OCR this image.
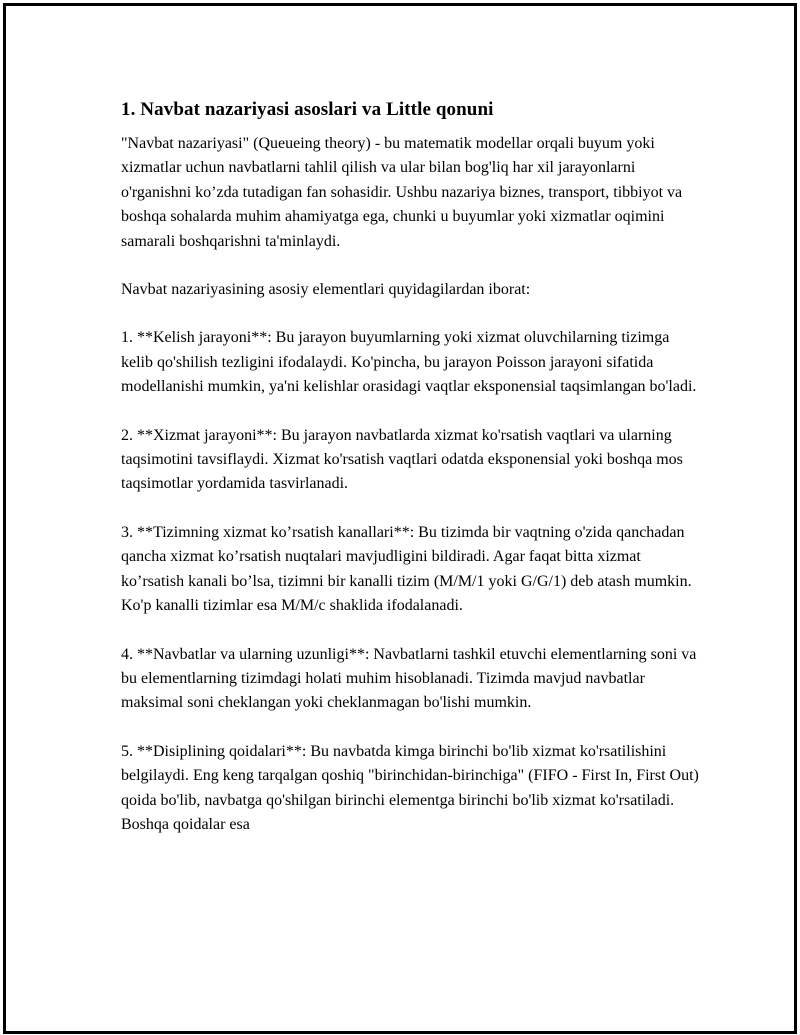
1. Navbat nazariyasi asoslari va Little qonuni

"Navbat nazariyasi" (Queueing theory) - bu matematik modellar orqali buyum yoki xizmatlar uchun navbatlarni tahlil qilish va ular bilan bog'liq har xil jarayonlarni o'rganishni ko’zda tutadigan fan sohasidir. Ushbu nazariya biznes, transport, tibbiyot va boshqa sohalarda muhim ahamiyatga ega, chunki u buyumlar yoki xizmatlar oqimini samarali boshqarishni ta'minlaydi.

Navbat nazariyasining asosiy elementlari quyidagilardan iborat:

1. **Kelish jarayoni**: Bu jarayon buyumlarning yoki xizmat oluvchilarning tizimga kelib qo'shilish tezligini ifodalaydi. Ko'pincha, bu jarayon Poisson jarayoni sifatida modellanishi mumkin, ya'ni kelishlar orasidagi vaqtlar eksponensial taqsimlangan bo'ladi.

2. **Xizmat jarayoni**: Bu jarayon navbatlarda xizmat ko'rsatish vaqtlari va ularning taqsimotini tavsiflaydi. Xizmat ko'rsatish vaqtlari odatda eksponensial yoki boshqa mos taqsimotlar yordamida tasvirlanadi.

3. **Tizimning xizmat ko’rsatish kanallari**: Bu tizimda bir vaqtning o'zida qanchadan qancha xizmat ko’rsatish nuqtalari mavjudligini bildiradi. Agar faqat bitta xizmat ko’rsatish kanali bo’lsa, tizimni bir kanalli tizim (M/M/1 yoki G/G/1) deb atash mumkin. Ko'p kanalli tizimlar esa M/M/c shaklida ifodalanadi.

4. **Navbatlar va ularning uzunligi**: Navbatlarni tashkil etuvchi elementlarning soni va bu elementlarning tizimdagi holati muhim hisoblanadi. Tizimda mavjud navbatlar maksimal soni cheklangan yoki cheklanmagan bo'lishi mumkin.

5. **Disiplining qoidalari**: Bu navbatda kimga birinchi bo'lib xizmat ko'rsatilishini belgilaydi. Eng keng tarqalgan qoshiq "birinchidan-birinchiga" (FIFO - First In, First Out) qoida bo'lib, navbatga qo'shilgan birinchi elementga birinchi bo'lib xizmat ko'rsatiladi. Boshqa qoidalar esa
